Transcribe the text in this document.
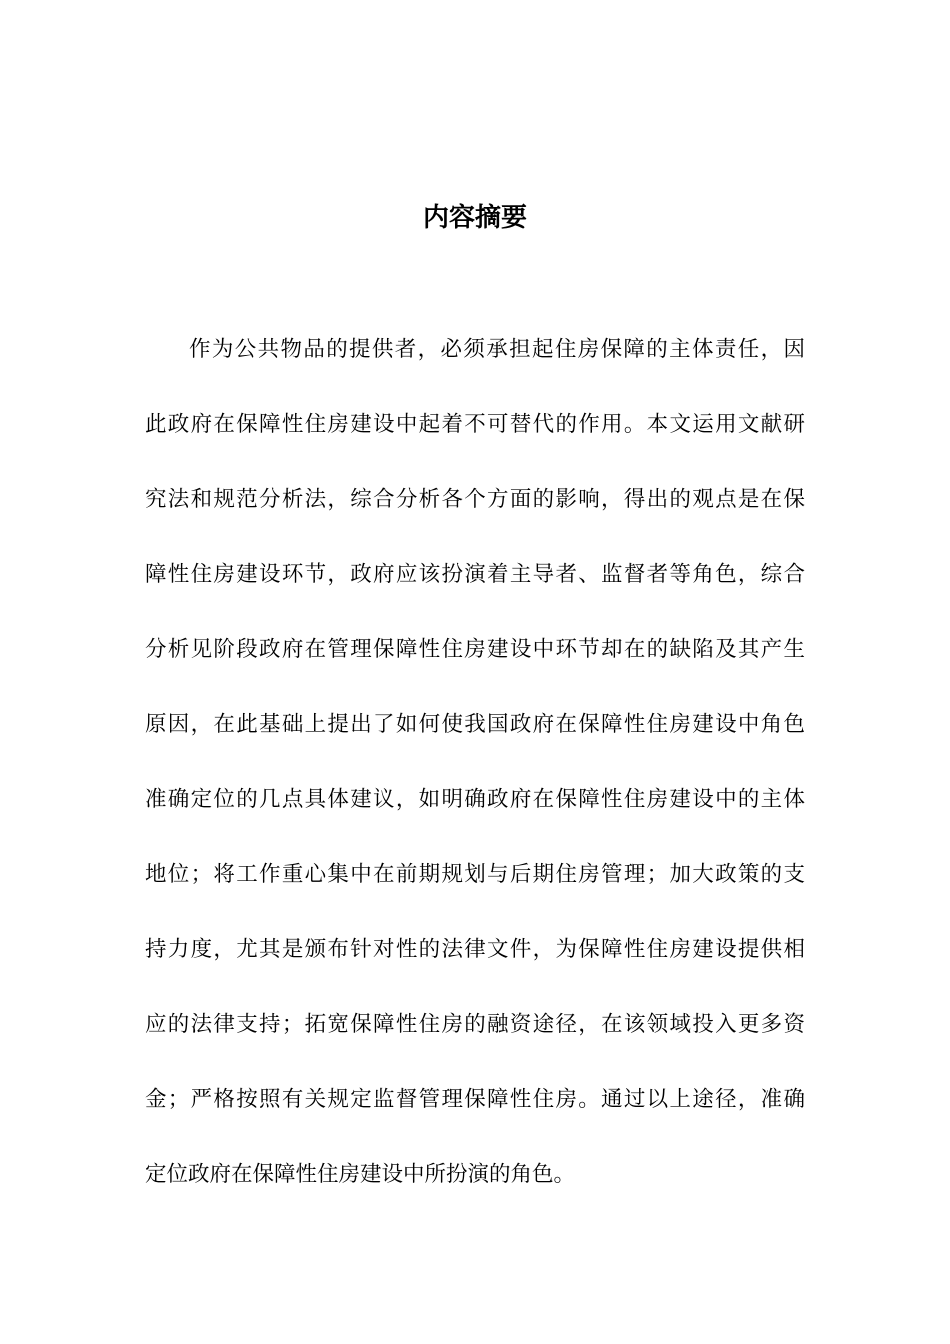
内容摘要
作为公共物品的提供者，必须承担起住房保障的主体责任，因
此政府在保障性住房建设中起着不可替代的作用。本文运用文献研
究法和规范分析法，综合分析各个方面的影响，得出的观点是在保
障性住房建设环节，政府应该扮演着主导者、监督者等角色，综合
分析见阶段政府在管理保障性住房建设中环节却在的缺陷及其产生
原因，在此基础上提出了如何使我国政府在保障性住房建设中角色
准确定位的几点具体建议，如明确政府在保障性住房建设中的主体
地位；将工作重心集中在前期规划与后期住房管理；加大政策的支
持力度，尤其是颁布针对性的法律文件，为保障性住房建设提供相
应的法律支持；拓宽保障性住房的融资途径，在该领域投入更多资
金；严格按照有关规定监督管理保障性住房。通过以上途径，准确
定位政府在保障性住房建设中所扮演的角色。
